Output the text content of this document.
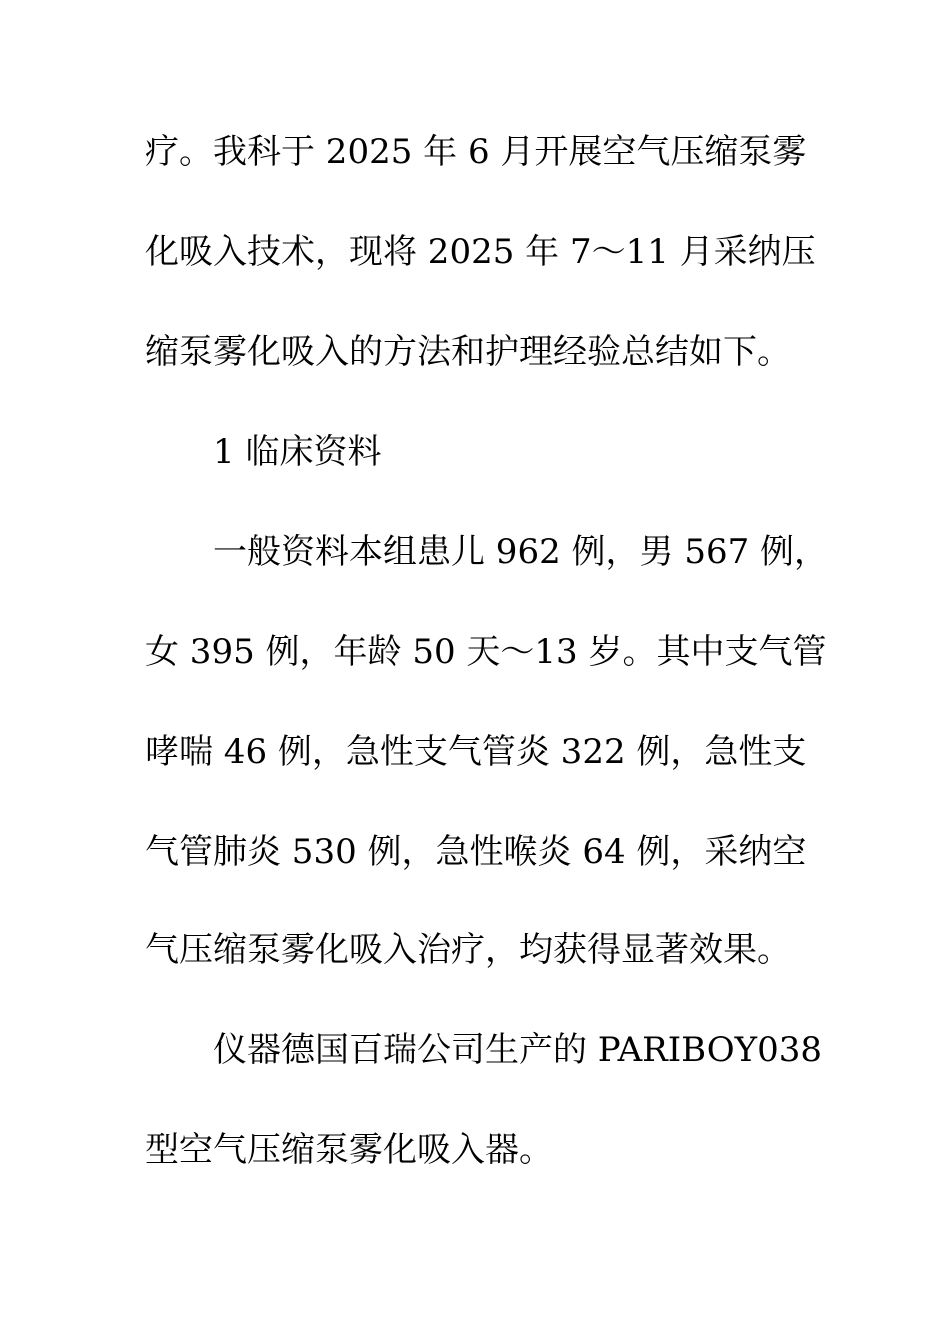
疗。我科于 2025 年 6 月开展空气压缩泵雾
化吸入技术，现将 2025 年 7～11 月采纳压
缩泵雾化吸入的方法和护理经验总结如下。
1 临床资料
一般资料本组患儿 962 例，男 567 例，
女 395 例，年龄 50 天～13 岁。其中支气管
哮喘 46 例，急性支气管炎 322 例，急性支
气管肺炎 530 例，急性喉炎 64 例，采纳空
气压缩泵雾化吸入治疗，均获得显著效果。
仪器德国百瑞公司生产的 PARIBOY038
型空气压缩泵雾化吸入器。
